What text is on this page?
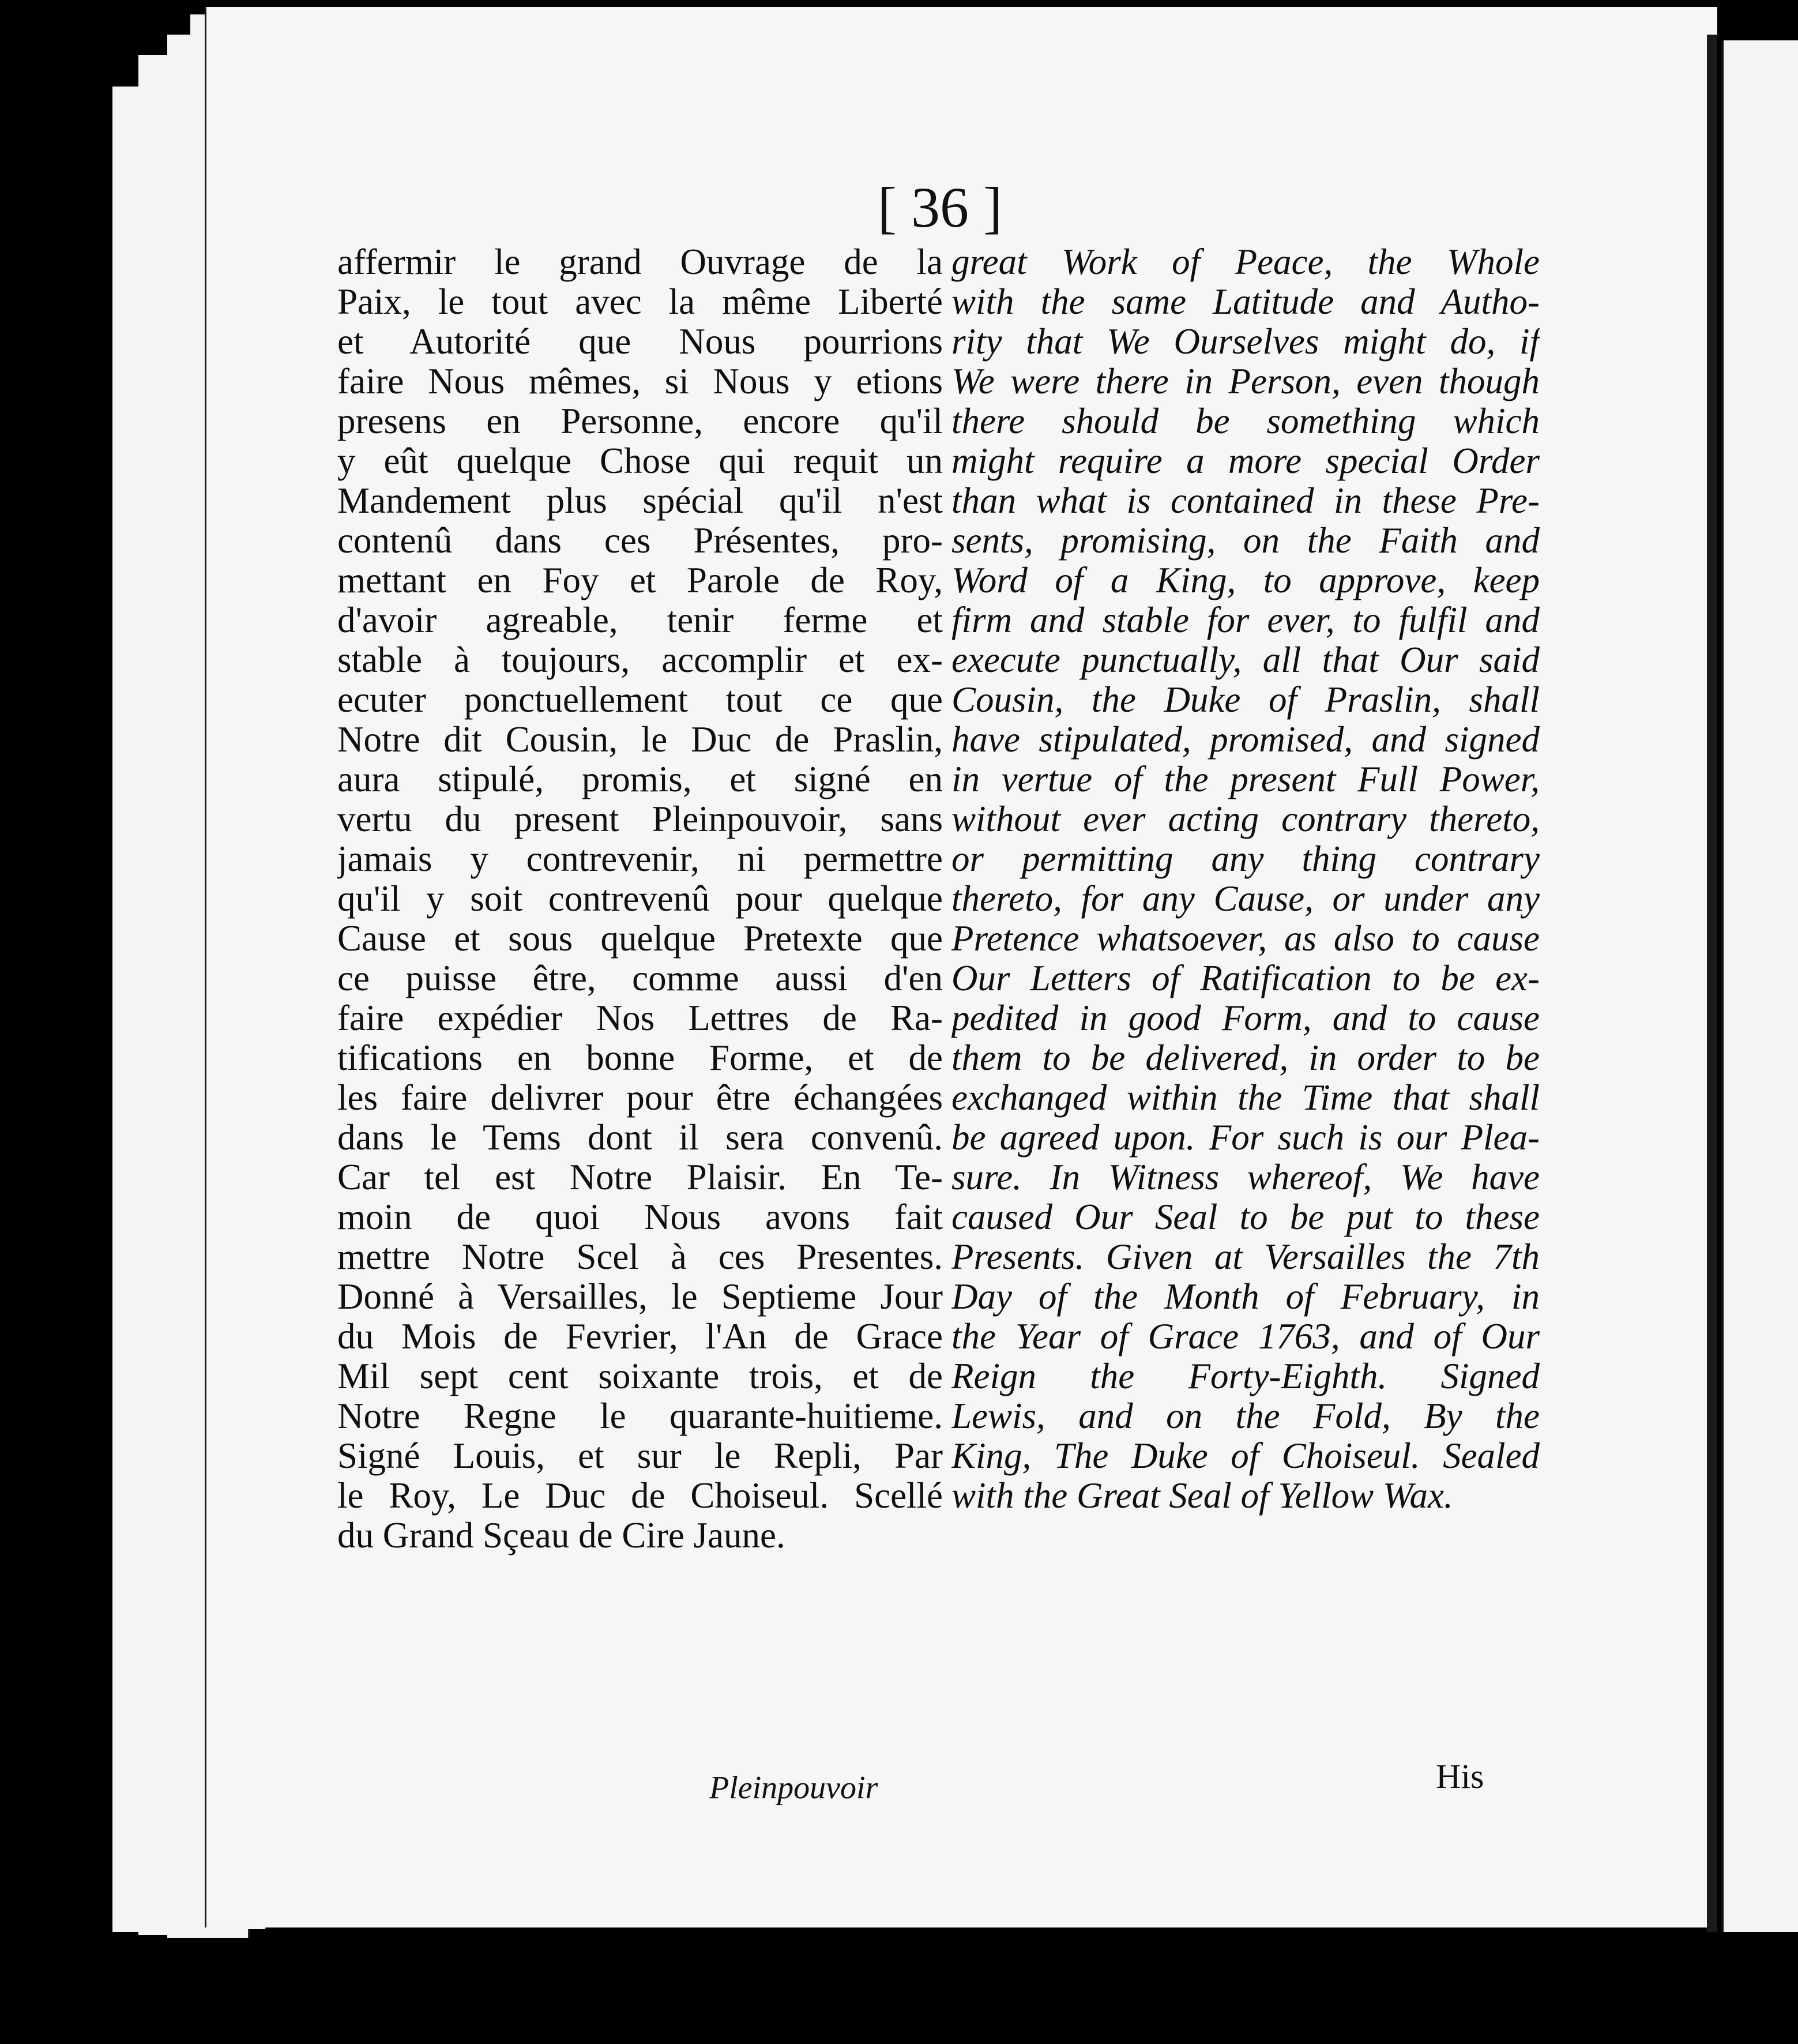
[ 36 ]
affermir le grand Ouvrage de la
Paix, le tout avec la même Liberté
et Autorité que Nous pourrions
faire Nous mêmes, si Nous y etions
presens en Personne, encore qu'il
y eût quelque Chose qui requit un
Mandement plus spécial qu'il n'est
contenû dans ces Présentes, pro-
mettant en Foy et Parole de Roy,
d'avoir agreable, tenir ferme et
stable à toujours, accomplir et ex-
ecuter ponctuellement tout ce que
Notre dit Cousin, le Duc de Praslin,
aura stipulé, promis, et signé en
vertu du present Pleinpouvoir, sans
jamais y contrevenir, ni permettre
qu'il y soit contrevenû pour quelque
Cause et sous quelque Pretexte que
ce puisse être, comme aussi d'en
faire expédier Nos Lettres de Ra-
tifications en bonne Forme, et de
les faire delivrer pour être échangées
dans le Tems dont il sera convenû.
Car tel est Notre Plaisir. En Te-
moin de quoi Nous avons fait
mettre Notre Scel à ces Presentes.
Donné à Versailles, le Septieme Jour
du Mois de Fevrier, l'An de Grace
Mil sept cent soixante trois, et de
Notre Regne le quarante-huitieme.
Signé Louis, et sur le Repli, Par
le Roy, Le Duc de Choiseul. Scellé
du Grand Sçeau de Cire Jaune.
great Work of Peace, the Whole
with the same Latitude and Autho-
rity that We Ourselves might do, if
We were there in Person, even though
there should be something which
might require a more special Order
than what is contained in these Pre-
sents, promising, on the Faith and
Word of a King, to approve, keep
firm and stable for ever, to fulfil and
execute punctually, all that Our said
Cousin, the Duke of Praslin, shall
have stipulated, promised, and signed
in vertue of the present Full Power,
without ever acting contrary thereto,
or permitting any thing contrary
thereto, for any Cause, or under any
Pretence whatsoever, as also to cause
Our Letters of Ratification to be ex-
pedited in good Form, and to cause
them to be delivered, in order to be
exchanged within the Time that shall
be agreed upon. For such is our Plea-
sure. In Witness whereof, We have
caused Our Seal to be put to these
Presents. Given at Versailles the 7th
Day of the Month of February, in
the Year of Grace 1763, and of Our
Reign the Forty-Eighth. Signed
Lewis, and on the Fold, By the
King, The Duke of Choiseul. Sealed
with the Great Seal of Yellow Wax.
Pleinpouvoir	His
